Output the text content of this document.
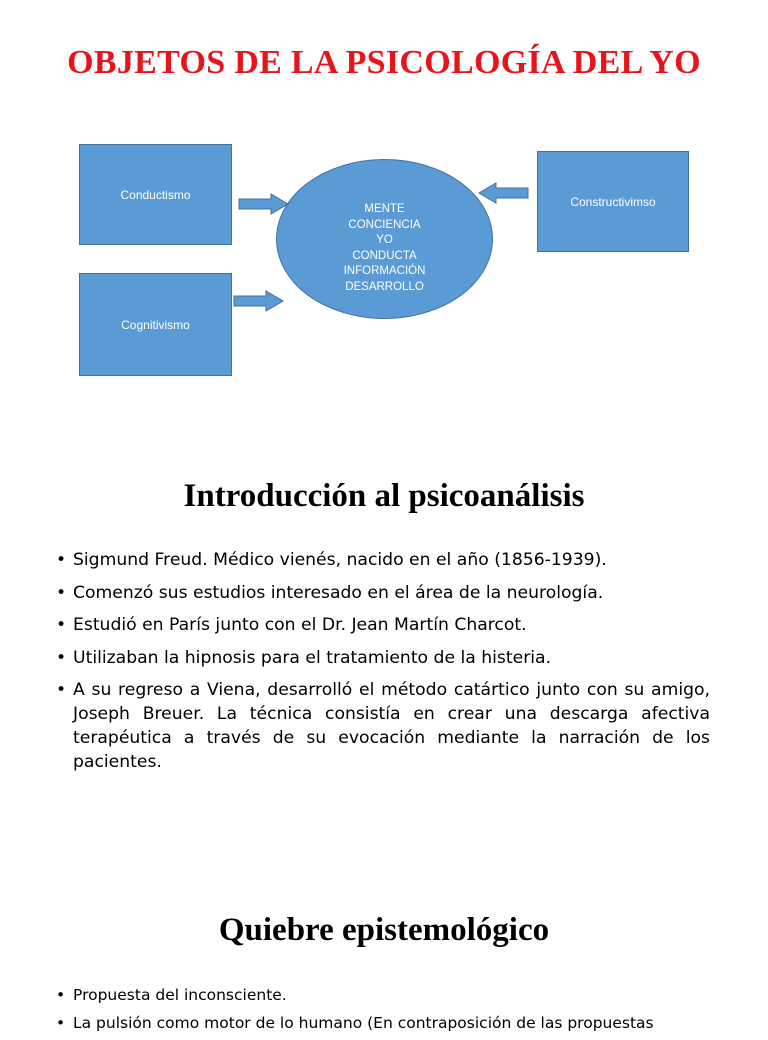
OBJETOS DE LA PSICOLOGÍA DEL YO
Conductismo	Constructivimso
Cognitivismo
MENTE
CONCIENCIA
YO
CONDUCTA
INFORMACIÓN
DESARROLLO
Introducción al psicoanálisis
• Sigmund Freud. Médico vienés, nacido en el año (1856-1939).
• Comenzó sus estudios interesado en el área de la neurología.
• Estudió en París junto con el Dr. Jean Martín Charcot.
• Utilizaban la hipnosis para el tratamiento de la histeria.
• A su regreso a Viena, desarrolló el método catártico junto con su amigo, Joseph Breuer. La técnica consistía en crear una descarga afectiva terapéutica a través de su evocación mediante la narración de los pacientes.
Quiebre epistemológico
• Propuesta del inconsciente.
• La pulsión como motor de lo humano (En contraposición de las propuestas
